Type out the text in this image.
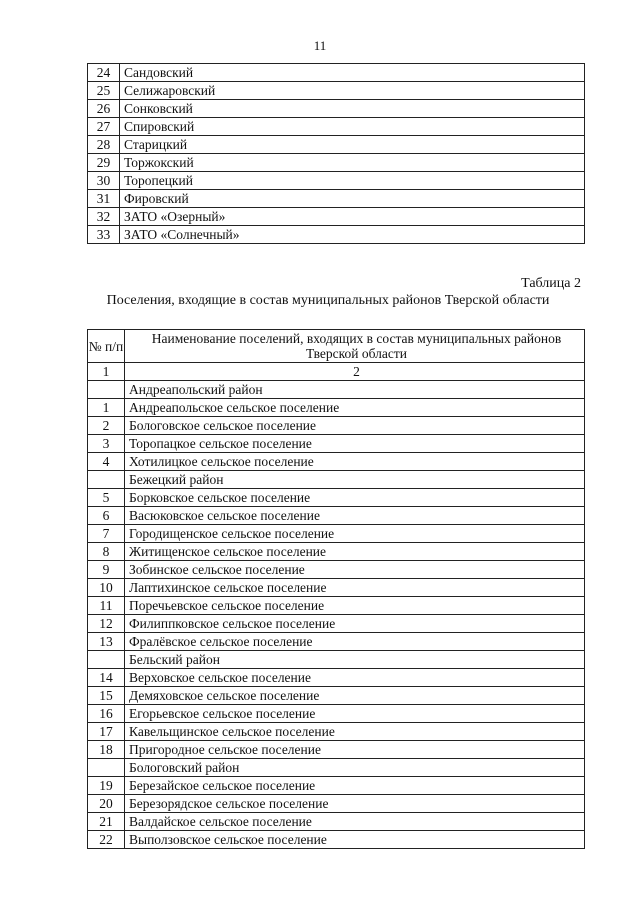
11
24	Сандовский
25	Селижаровский
26	Сонковский
27	Спировский
28	Старицкий
29	Торжокский
30	Торопецкий
31	Фировский
32	ЗАТО «Озерный»
33	ЗАТО «Солнечный»
Таблица 2
Поселения, входящие в состав муниципальных районов Тверской области
№ п/п	Наименование поселений, входящих в состав муниципальных районов Тверской области
1	2
	Андреапольский район
1	Андреапольское сельское поселение
2	Бологовское сельское поселение
3	Торопацкое сельское поселение
4	Хотилицкое сельское поселение
	Бежецкий район
5	Борковское сельское поселение
6	Васюковское сельское поселение
7	Городищенское сельское поселение
8	Житищенское сельское поселение
9	Зобинское сельское поселение
10	Лаптихинское сельское поселение
11	Поречьевское сельское поселение
12	Филиппковское сельское поселение
13	Фралёвское сельское поселение
	Бельский район
14	Верховское сельское поселение
15	Демяховское сельское поселение
16	Егорьевское сельское поселение
17	Кавельщинское сельское поселение
18	Пригородное сельское поселение
	Бологовский район
19	Березайское сельское поселение
20	Березорядское сельское поселение
21	Валдайское сельское поселение
22	Выползовское сельское поселение
